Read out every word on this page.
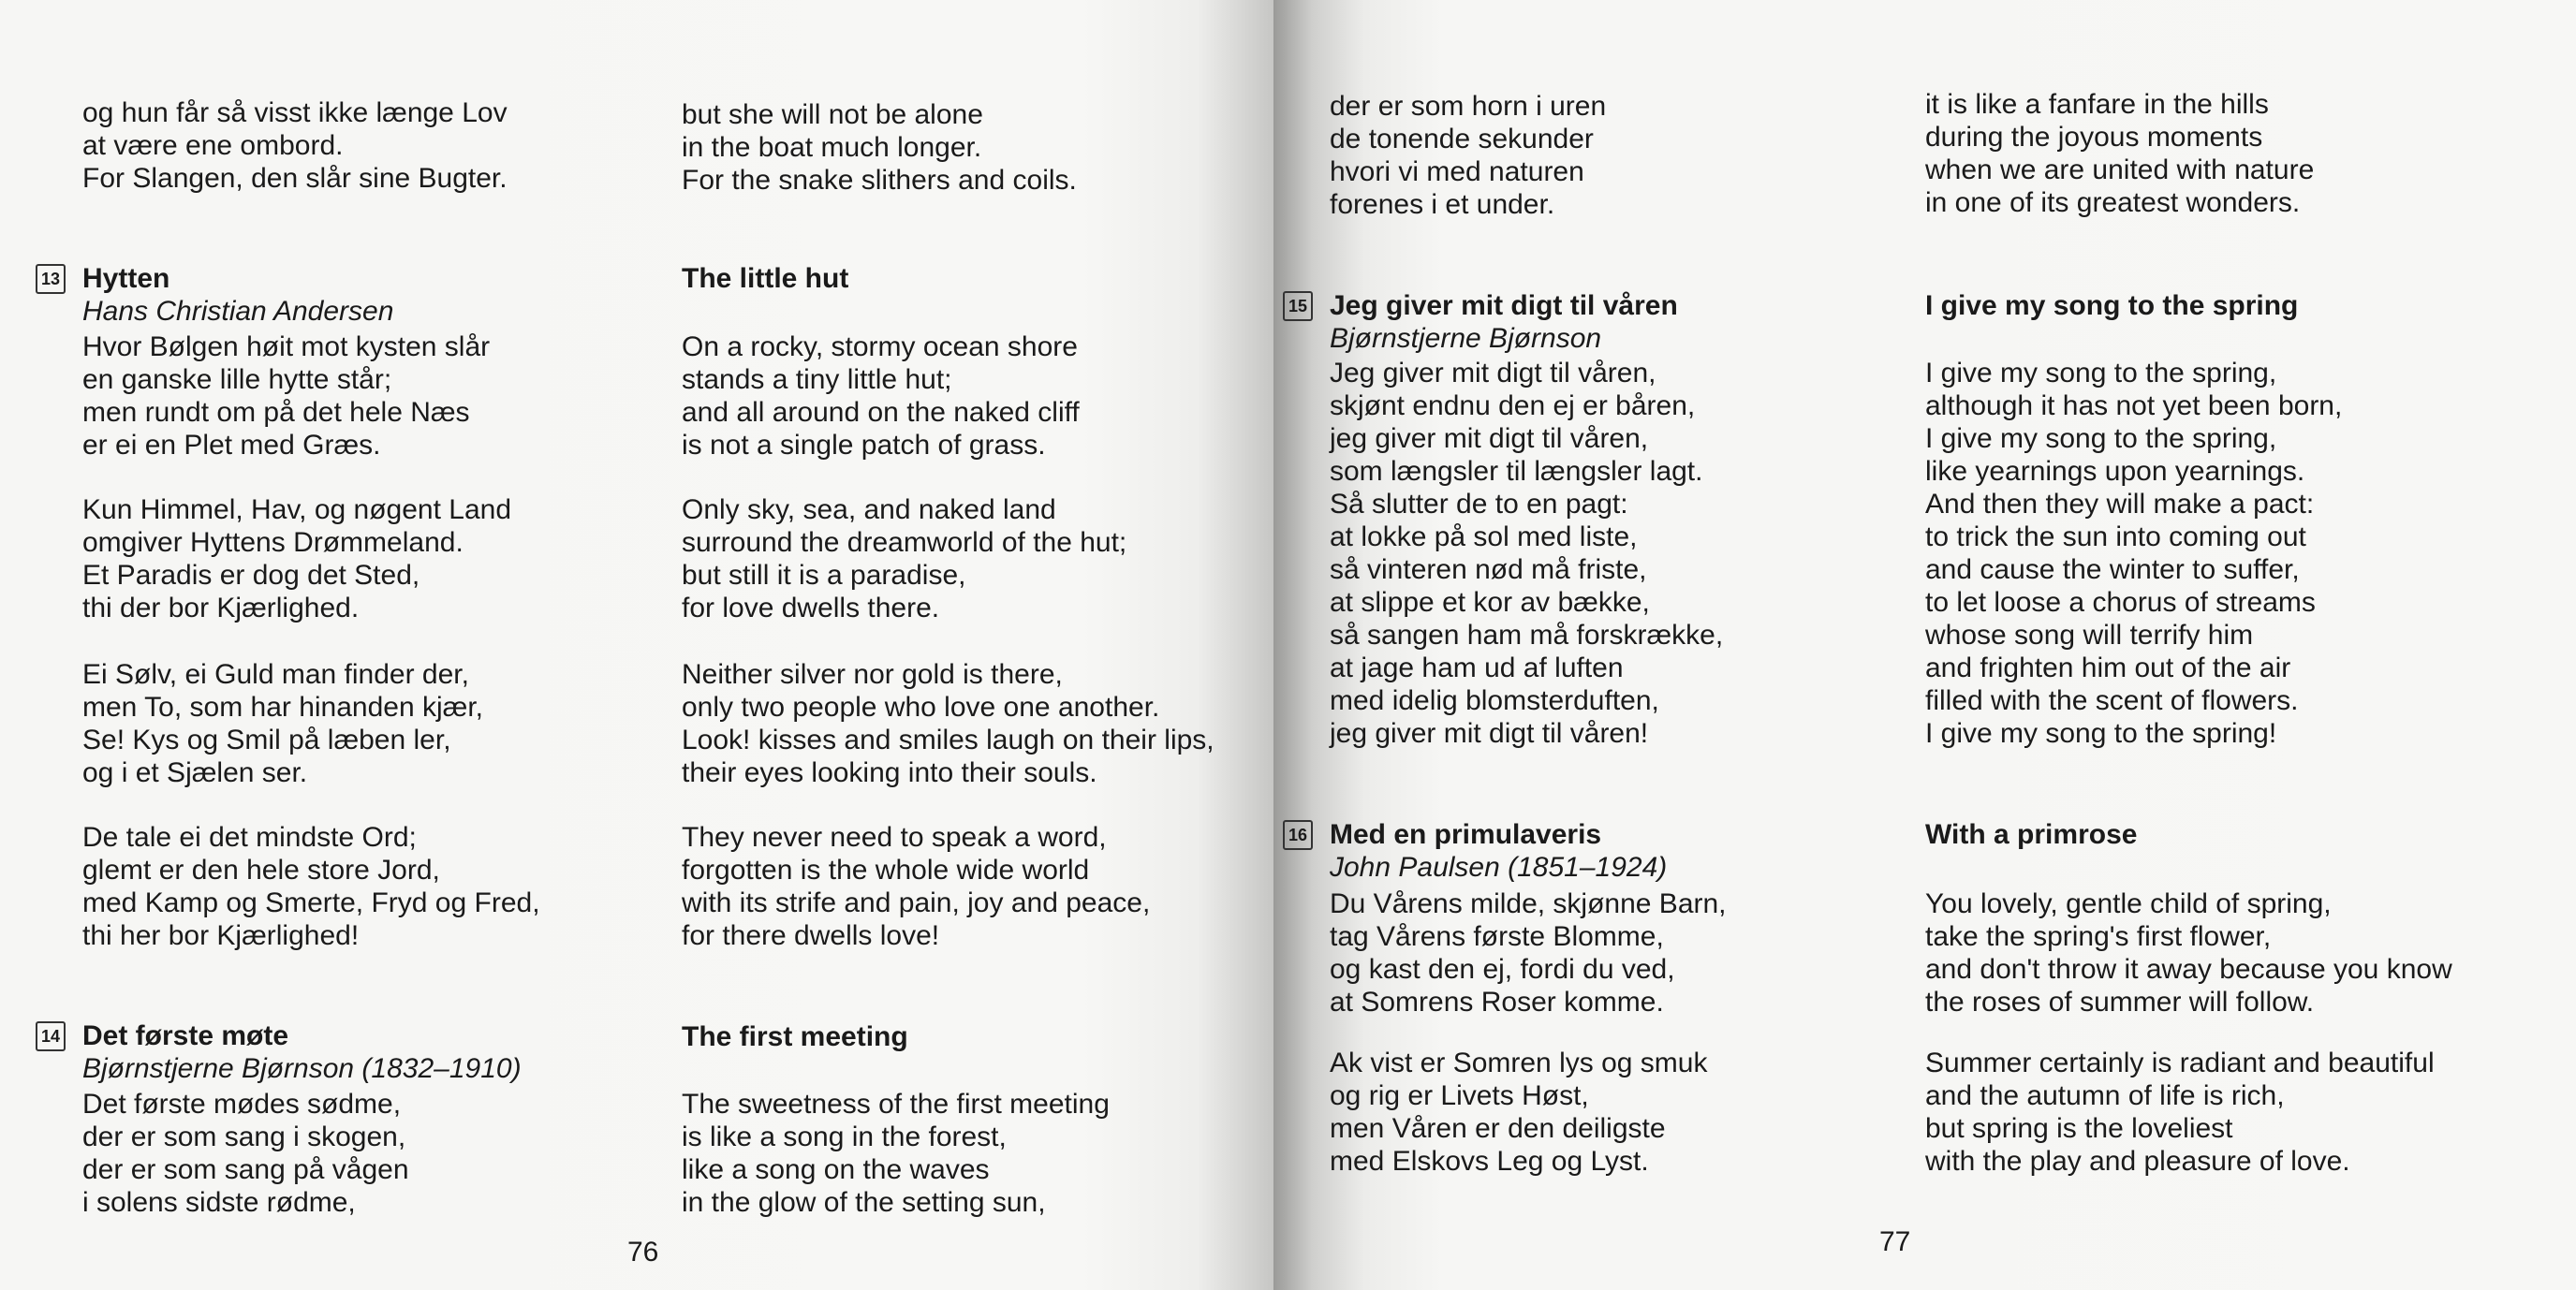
og hun får så visst ikke længe Lov
at være ene ombord.
For Slangen, den slår sine Bugter.
13 Hytten
Hans Christian Andersen
Hvor Bølgen høit mot kysten slår
en ganske lille hytte står;
men rundt om på det hele Næs
er ei en Plet med Græs.
Kun Himmel, Hav, og nøgent Land
omgiver Hyttens Drømmeland.
Et Paradis er dog det Sted,
thi der bor Kjærlighed.
Ei Sølv, ei Guld man finder der,
men To, som har hinanden kjær,
Se! Kys og Smil på læben ler,
og i et Sjælen ser.
De tale ei det mindste Ord;
glemt er den hele store Jord,
med Kamp og Smerte, Fryd og Fred,
thi her bor Kjærlighed!
14 Det første møte
Bjørnstjerne Bjørnson (1832–1910)
Det første mødes sødme,
der er som sang i skogen,
der er som sang på vågen
i solens sidste rødme,
but she will not be alone
in the boat much longer.
For the snake slithers and coils.
The little hut
On a rocky, stormy ocean shore
stands a tiny little hut;
and all around on the naked cliff
is not a single patch of grass.
Only sky, sea, and naked land
surround the dreamworld of the hut;
but still it is a paradise,
for love dwells there.
Neither silver nor gold is there,
only two people who love one another.
Look! kisses and smiles laugh on their lips,
their eyes looking into their souls.
They never need to speak a word,
forgotten is the whole wide world
with its strife and pain, joy and peace,
for there dwells love!
The first meeting
The sweetness of the first meeting
is like a song in the forest,
like a song on the waves
in the glow of the setting sun,
76
der er som horn i uren
de tonende sekunder
hvori vi med naturen
forenes i et under.
15 Jeg giver mit digt til våren
Bjørnstjerne Bjørnson
Jeg giver mit digt til våren,
skjønt endnu den ej er båren,
jeg giver mit digt til våren,
som længsler til længsler lagt.
Så slutter de to en pagt:
at lokke på sol med liste,
så vinteren nød må friste,
at slippe et kor av bække,
så sangen ham må forskrække,
at jage ham ud af luften
med idelig blomsterduften,
jeg giver mit digt til våren!
16 Med en primulaveris
John Paulsen (1851–1924)
Du Vårens milde, skjønne Barn,
tag Vårens første Blomme,
og kast den ej, fordi du ved,
at Somrens Roser komme.
Ak vist er Somren lys og smuk
og rig er Livets Høst,
men Våren er den deiligste
med Elskovs Leg og Lyst.
it is like a fanfare in the hills
during the joyous moments
when we are united with nature
in one of its greatest wonders.
I give my song to the spring
I give my song to the spring,
although it has not yet been born,
I give my song to the spring,
like yearnings upon yearnings.
And then they will make a pact:
to trick the sun into coming out
and cause the winter to suffer,
to let loose a chorus of streams
whose song will terrify him
and frighten him out of the air
filled with the scent of flowers.
I give my song to the spring!
With a primrose
You lovely, gentle child of spring,
take the spring's first flower,
and don't throw it away because you know
the roses of summer will follow.
Summer certainly is radiant and beautiful
and the autumn of life is rich,
but spring is the loveliest
with the play and pleasure of love.
77
